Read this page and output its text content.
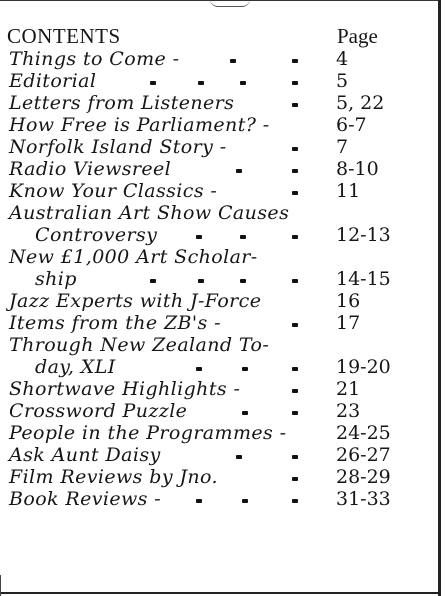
CONTENTS	Page
Things to Come -	4
Editorial	5
Letters from Listeners	5, 22
How Free is Parliament? -	6-7
Norfolk Island Story -	7
Radio Viewsreel	8-10
Know Your Classics -	11
Australian Art Show Causes
Controversy	12-13
New £1,000 Art Scholar-
ship	14-15
Jazz Experts with J-Force	16
Items from the ZB's -	17
Through New Zealand To-
day, XLI	19-20
Shortwave Highlights -	21
Crossword Puzzle	23
People in the Programmes -	24-25
Ask Aunt Daisy	26-27
Film Reviews by Jno.	28-29
Book Reviews -	31-33
